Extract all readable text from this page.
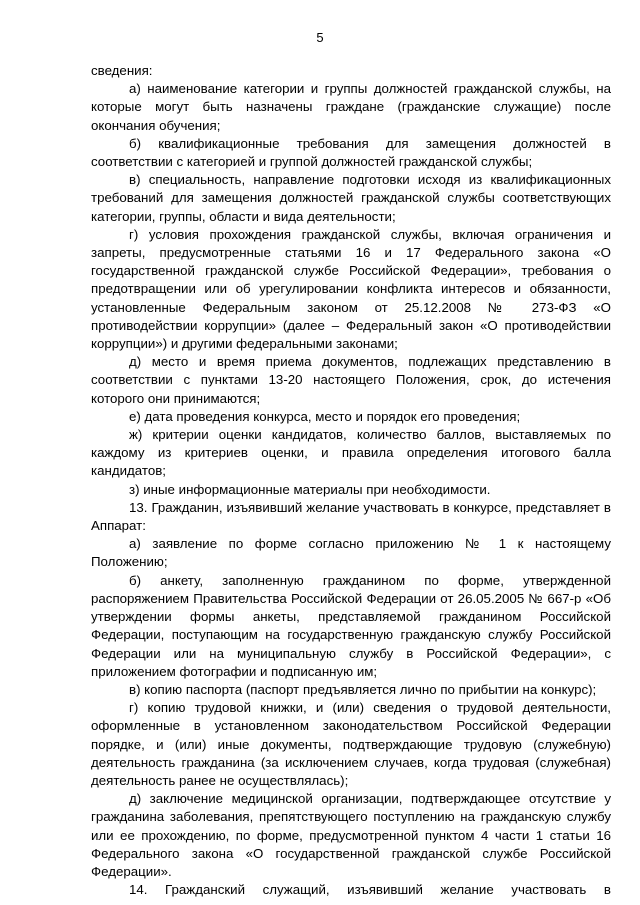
5

сведения:

а) наименование категории и группы должностей гражданской службы, на которые могут быть назначены граждане (гражданские служащие) после окончания обучения;

б) квалификационные требования для замещения должностей в соответствии с категорией и группой должностей гражданской службы;

в) специальность, направление подготовки исходя из квалификационных требований для замещения должностей гражданской службы соответствующих категории, группы, области и вида деятельности;

г) условия прохождения гражданской службы, включая ограничения и запреты, предусмотренные статьями 16 и 17 Федерального закона «О государственной гражданской службе Российской Федерации», требования о предотвращении или об урегулировании конфликта интересов и обязанности, установленные Федеральным законом от 25.12.2008 № 273-ФЗ «О противодействии коррупции» (далее – Федеральный закон «О противодействии коррупции») и другими федеральными законами;

д) место и время приема документов, подлежащих представлению в соответствии с пунктами 13-20 настоящего Положения, срок, до истечения которого они принимаются;

е) дата проведения конкурса, место и порядок его проведения;

ж) критерии оценки кандидатов, количество баллов, выставляемых по каждому из критериев оценки, и правила определения итогового балла кандидатов;

з) иные информационные материалы при необходимости.

13. Гражданин, изъявивший желание участвовать в конкурсе, представляет в Аппарат:

а) заявление по форме согласно приложению № 1 к настоящему Положению;

б) анкету, заполненную гражданином по форме, утвержденной распоряжением Правительства Российской Федерации от 26.05.2005 № 667-р «Об утверждении формы анкеты, представляемой гражданином Российской Федерации, поступающим на государственную гражданскую службу Российской Федерации или на муниципальную службу в Российской Федерации», с приложением фотографии и подписанную им;

в) копию паспорта (паспорт предъявляется лично по прибытии на конкурс);

г) копию трудовой книжки, и (или) сведения о трудовой деятельности, оформленные в установленном законодательством Российской Федерации порядке, и (или) иные документы, подтверждающие трудовую (служебную) деятельность гражданина (за исключением случаев, когда трудовая (служебная) деятельность ранее не осуществлялась);

д) заключение медицинской организации, подтверждающее отсутствие у гражданина заболевания, препятствующего поступлению на гражданскую службу или ее прохождению, по форме, предусмотренной пунктом 4 части 1 статьи 16 Федерального закона «О государственной гражданской службе Российской Федерации».

14. Гражданский служащий, изъявивший желание участвовать в
